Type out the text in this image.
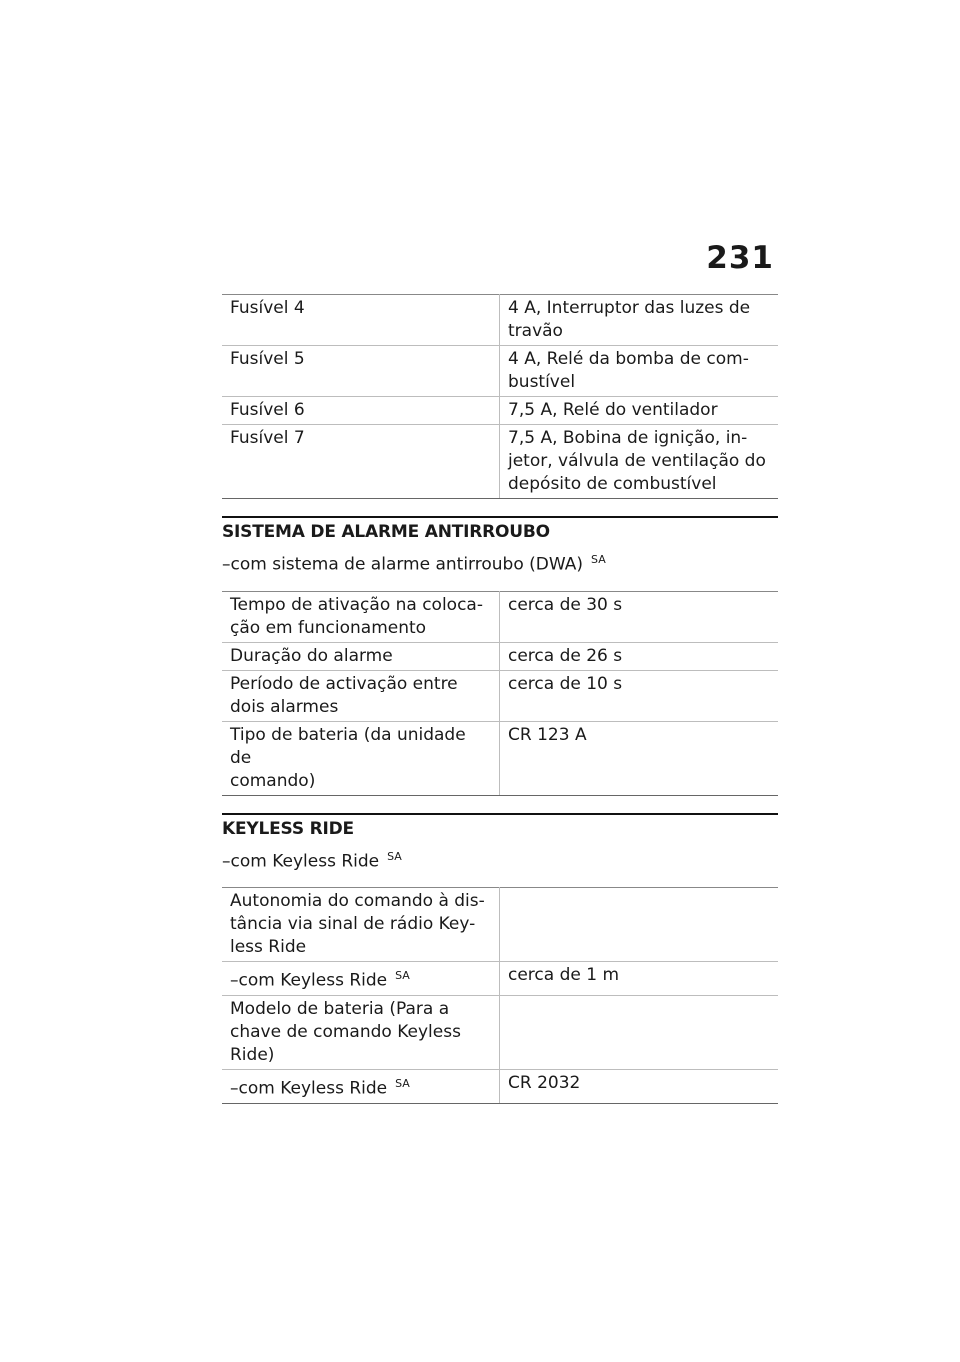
231
Fusível 4	4 A, Interruptor das luzes de
travão

Fusível 5	4 A, Relé da bomba de com-
bustível

Fusível 6	7,5 A, Relé do ventilador

Fusível 7	7,5 A, Bobina de ignição, in-
jetor, válvula de ventilação do
depósito de combustível
SISTEMA DE ALARME ANTIRROUBO
–com sistema de alarme antirroubo (DWA) $^{SA}$
Tempo de ativação na coloca-
ção em funcionamento	cerca de 30 s

Duração do alarme	cerca de 26 s

Período de activação entre
dois alarmes	cerca de 10 s

Tipo de bateria (da unidade de
comando)	CR 123 A
KEYLESS RIDE
–com Keyless Ride $^{SA}$
Autonomia do comando à dis-
tância via sinal de rádio Key-
less Ride	

–com Keyless Ride $^{SA}$	cerca de 1 m

Modelo de bateria (Para a
chave de comando Keyless
Ride)	

–com Keyless Ride $^{SA}$	CR 2032
